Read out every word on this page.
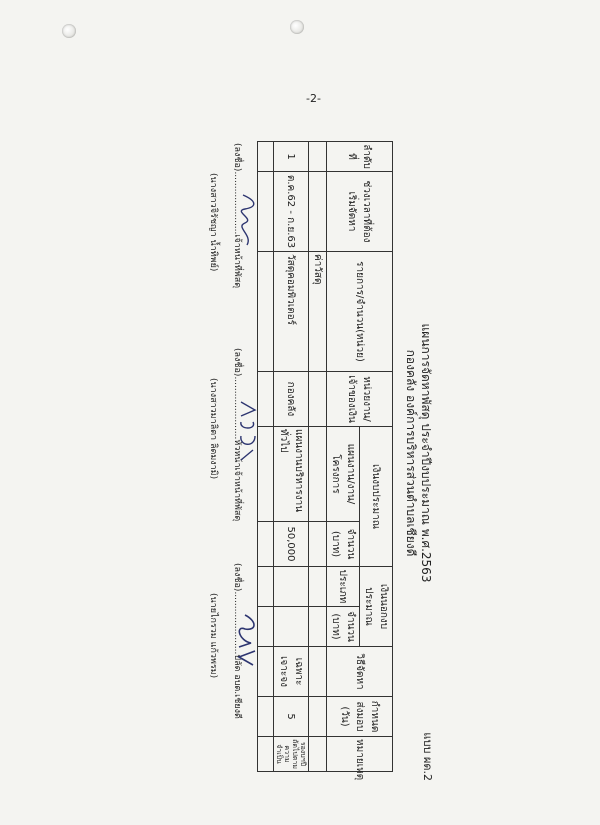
-2-
แบบ ผด.2
แผนการจัดหาพัสดุ ประจำปีงบประมาณ พ.ศ.2563
กองคลัง องค์การบริหารส่วนตำบลเชียงดี
ลำดับที่	ช่วงเวลาที่ต้องเริ่มจัดหา	รายการ/จำนวน(หน่วย)	หน่วยงาน/เจ้าของเงิน	เงินงบประมาณ		เงินนอกงบประมาณ		วิธีจัดหา	กำหนดส่งมอบ (วัน)	หมายเหตุ
				แผนงาน/งาน/โครงการ	จำนวน (บาท)	ประเภท	จำนวน (บาท)			
		ค่าวัสดุ								
1	ต.ค.62 - ก.ย.63	วัสดุคอมพิวเตอร์	กองคลัง	แผนงานบริหารงานทั่วไป	50,000			เฉพาะเจาะจง	5	รองบฯปีถัดไปตามความจำเป็น

(ลงชื่อ)......................เจ้าหน้าที่พัสดุ
(นางสาวจิรัชญา น้ำทิพย์)
(ลงชื่อ)......................หัวหน้าเจ้าหน้าที่พัสดุ
(นางสาวมาลิตา ลิดมงามิ)
(ลงชื่อ)......................ปลัด อบต.เชียงดี
(นายไกรวม แก้วพรม)
